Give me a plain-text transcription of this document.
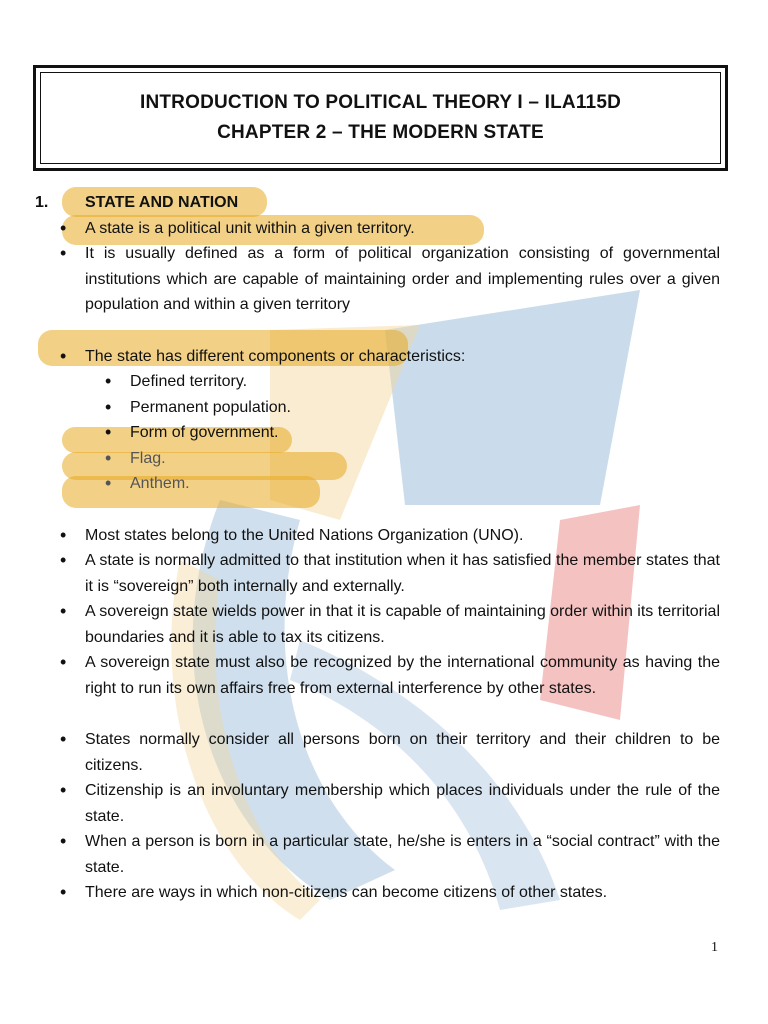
INTRODUCTION TO POLITICAL THEORY I – ILA115D
CHAPTER 2 – THE MODERN STATE
1.	STATE AND NATION
• A state is a political unit within a given territory.
• It is usually defined as a form of political organization consisting of governmental institutions which are capable of maintaining order and implementing rules over a given population and within a given territory
• The state has different components or characteristics:
• Defined territory.
• Permanent population.
• Form of government.
• Flag.
• Anthem.
• Most states belong to the United Nations Organization (UNO).
• A state is normally admitted to that institution when it has satisfied the member states that it is “sovereign” both internally and externally.
• A sovereign state wields power in that it is capable of maintaining order within its territorial boundaries and it is able to tax its citizens.
• A sovereign state must also be recognized by the international community as having the right to run its own affairs free from external interference by other states.
• States normally consider all persons born on their territory and their children to be citizens.
• Citizenship is an involuntary membership which places individuals under the rule of the state.
• When a person is born in a particular state, he/she is enters in a “social contract” with the state.
• There are ways in which non-citizens can become citizens of other states.
1
